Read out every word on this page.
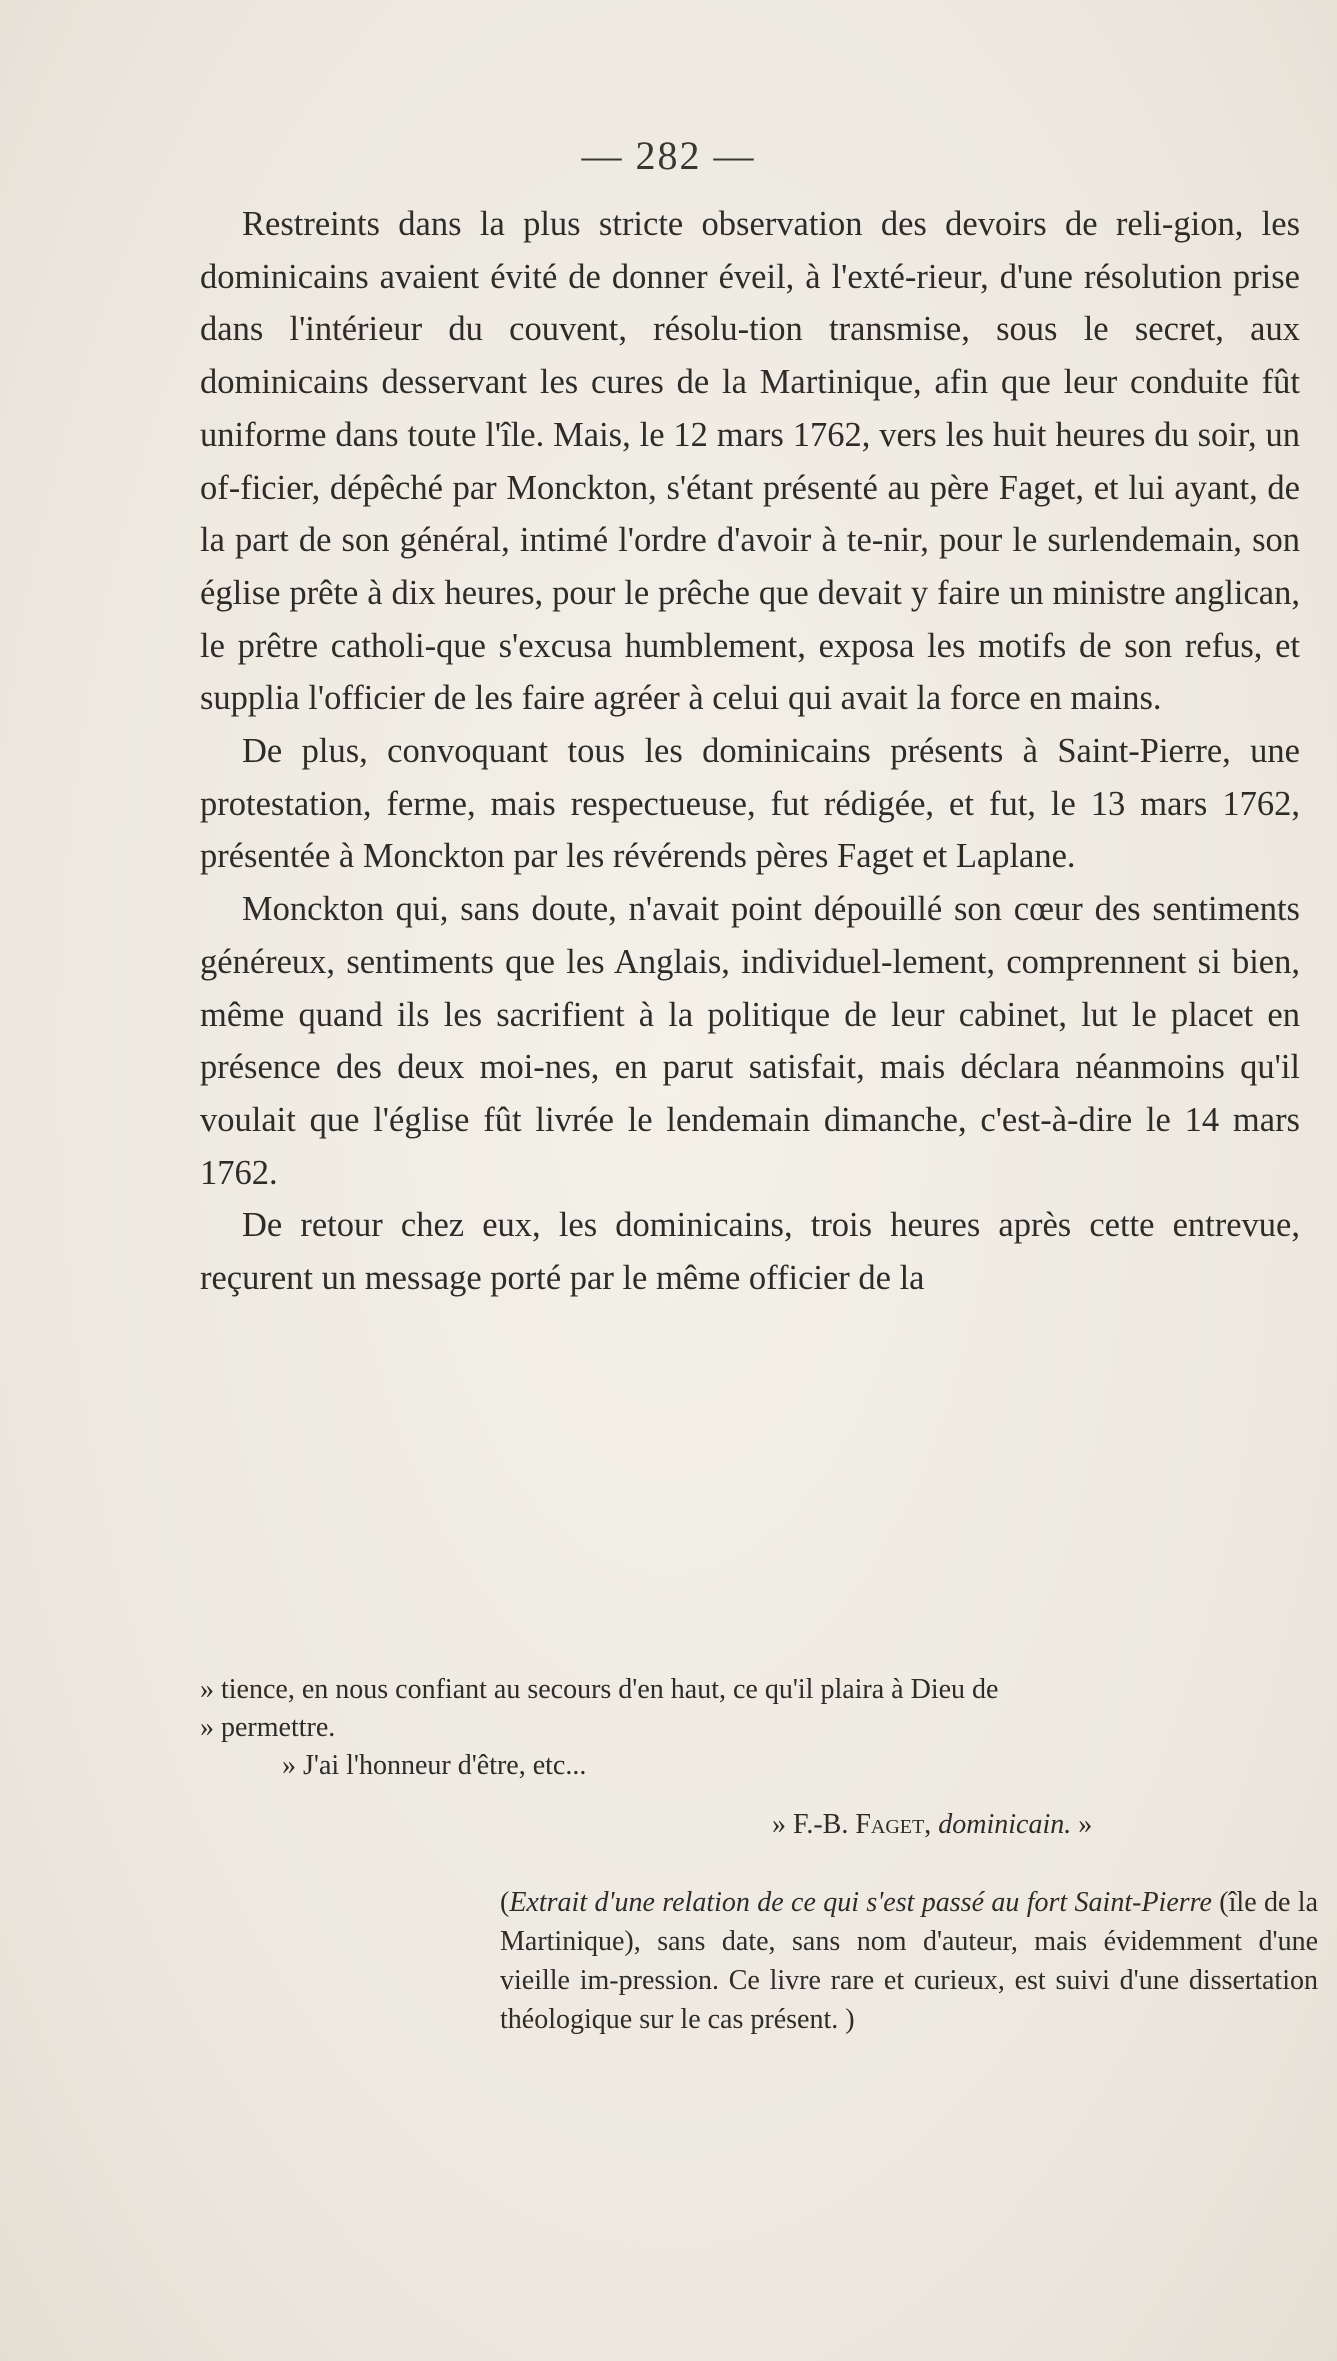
— 282 —

Restreints dans la plus stricte observation des devoirs de reli-gion, les dominicains avaient évité de donner éveil, à l'exté-rieur, d'une résolution prise dans l'intérieur du couvent, résolu-tion transmise, sous le secret, aux dominicains desservant les cures de la Martinique, afin que leur conduite fût uniforme dans toute l'île. Mais, le 12 mars 1762, vers les huit heures du soir, un of-ficier, dépêché par Monckton, s'étant présenté au père Faget, et lui ayant, de la part de son général, intimé l'ordre d'avoir à te-nir, pour le surlendemain, son église prête à dix heures, pour le prêche que devait y faire un ministre anglican, le prêtre catholi-que s'excusa humblement, exposa les motifs de son refus, et supplia l'officier de les faire agréer à celui qui avait la force en mains.

De plus, convoquant tous les dominicains présents à Saint-Pierre, une protestation, ferme, mais respectueuse, fut rédigée, et fut, le 13 mars 1762, présentée à Monckton par les révérends pères Faget et Laplane.

Monckton qui, sans doute, n'avait point dépouillé son cœur des sentiments généreux, sentiments que les Anglais, individuel-lement, comprennent si bien, même quand ils les sacrifient à la politique de leur cabinet, lut le placet en présence des deux moi-nes, en parut satisfait, mais déclara néanmoins qu'il voulait que l'église fût livrée le lendemain dimanche, c'est-à-dire le 14 mars 1762.

De retour chez eux, les dominicains, trois heures après cette entrevue, reçurent un message porté par le même officier de la

» tience, en nous confiant au secours d'en haut, ce qu'il plaira à Dieu de

» permettre.

» J'ai l'honneur d'être, etc...

» F.-B. Faget, dominicain. »

(Extrait d'une relation de ce qui s'est passé au fort Saint-Pierre (île de la Martinique), sans date, sans nom d'auteur, mais évidemment d'une vieille im-pression. Ce livre rare et curieux, est suivi d'une dissertation théologique sur le cas présent. )
